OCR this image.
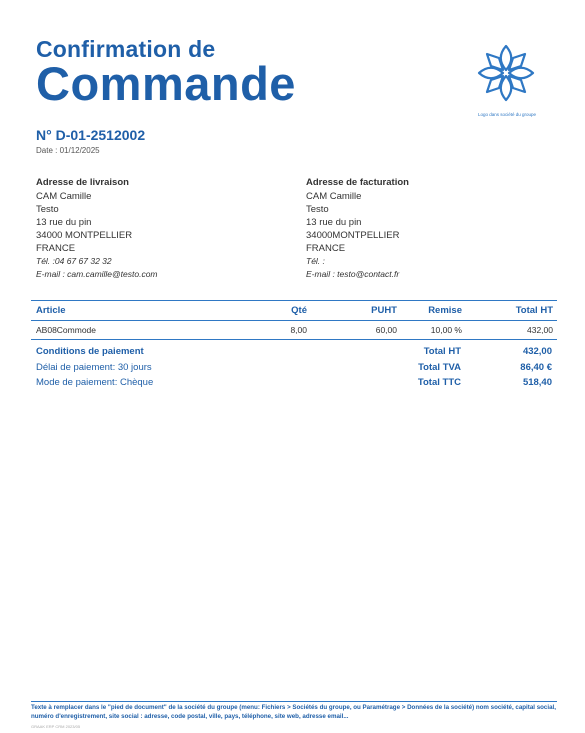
Confirmation de
Commande
Logo dans société du groupe
N° D-01-2512002
Date : 01/12/2025
Adresse de livraison
CAM Camille
Testo
13 rue du pin
34000 MONTPELLIER
FRANCE
Tél. :04 67 67 32 32
E-mail : cam.camille@testo.com
Adresse de facturation
CAM Camille
Testo
13 rue du pin
34000MONTPELLIER
FRANCE
Tél. :
E-mail : testo@contact.fr
Article	Qté	PUHT	Remise	Total HT
AB08Commode	8,00	60,00	10,00 %	432,00
Conditions de paiement
Délai de paiement: 30 jours
Mode de paiement: Chèque
Total HT	432,00
Total TVA	86,40 €
Total TTC	518,40
Texte à remplacer dans le "pied de document" de la société du groupe (menu: Fichiers > Sociétés du groupe, ou Paramétrage > Données de la société) nom société, capital social, numéro d'enregistrement, site social : adresse, code postal, ville, pays, téléphone, site web, adresse email...
GRAAK ERP CRM 2023/05
